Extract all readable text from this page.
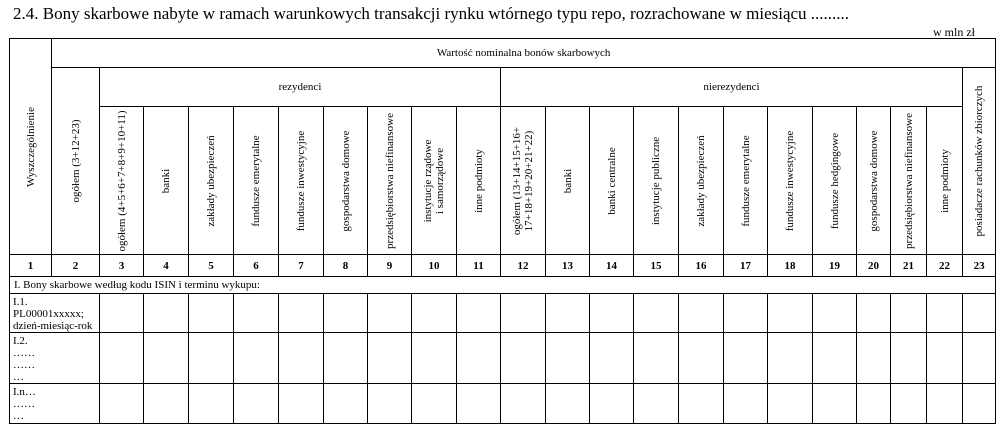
2.4. Bony skarbowe nabyte w ramach warunkowych transakcji rynku wtórnego typu repo, rozrachowane w miesiącu .........
w mln zł
Wyszczególnienie	Wartość nominalna bonów skarbowych																					

	ogółem (3+12+23)	rezydenci									nierezydenci											posiadacze rachunków zbiorczych

		ogółem (4+5+6+7+8+9+10+11)	banki	zakłady ubezpieczeń	fundusze emerytalne	fundusze inwestycyjne	gospodarstwa domowe	przedsiębiorstwa niefinansowe	instytucje rządowe
i samorządowe	inne podmioty	ogółem (13+14+15+16+
17+18+19+20+21+22)	banki	banki centralne	instytucje publiczne	zakłady ubezpieczeń	fundusze emerytalne	fundusze inwestycyjne	fundusze hedgingowe	gospodarstwa domowe	przedsiębiorstwa niefinansowe	inne podmioty	

1	2	3	4	5	6	7	8	9	10	11	12	13	14	15	16	17	18	19	20	21	22	23
I. Bony skarbowe według kodu ISIN i terminu wykupu:																						
I.1. PL00001xxxxx;
dzień-miesiąc-rok																						
I.2.
……
……
…																						
I.n…
……
…																						
